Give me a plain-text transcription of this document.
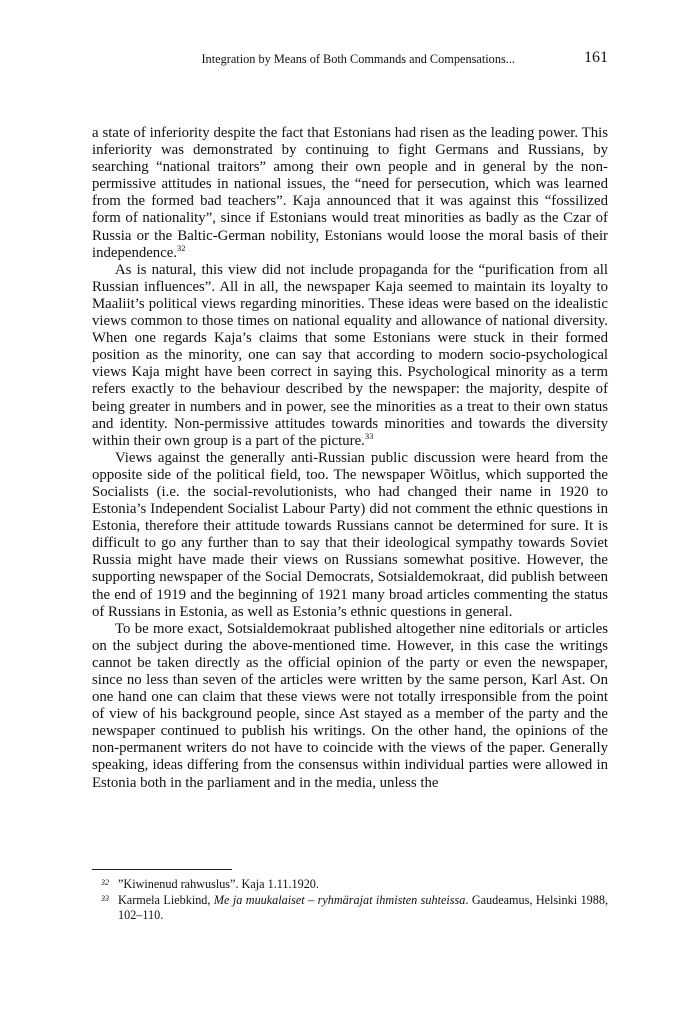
Integration by Means of Both Commands and Compensations...	161

a state of inferiority despite the fact that Estonians had risen as the leading power. This inferiority was demonstrated by continuing to fight Germans and Russians, by searching “national traitors” among their own people and in general by the non-permissive attitudes in national issues, the “need for persecution, which was learned from the formed bad teachers”. Kaja announced that it was against this “fossilized form of nationality”, since if Estonians would treat minorities as badly as the Czar of Russia or the Baltic-German nobility, Estonians would loose the moral basis of their independence.$^{32}$

As is natural, this view did not include propaganda for the “purification from all Russian influences”. All in all, the newspaper Kaja seemed to maintain its loyalty to Maaliit’s political views regarding minorities. These ideas were based on the idealistic views common to those times on national equality and allowance of national diversity. When one regards Kaja’s claims that some Estonians were stuck in their formed position as the minority, one can say that according to modern socio-psychological views Kaja might have been correct in saying this. Psychological minority as a term refers exactly to the behaviour described by the newspaper: the majority, despite of being greater in numbers and in power, see the minorities as a treat to their own status and identity. Non-permissive attitudes towards minorities and towards the diversity within their own group is a part of the picture.$^{33}$

Views against the generally anti-Russian public discussion were heard from the opposite side of the political field, too. The newspaper Wõitlus, which supported the Socialists (i.e. the social-revolutionists, who had changed their name in 1920 to Estonia’s Independent Socialist Labour Party) did not comment the ethnic questions in Estonia, therefore their attitude towards Russians cannot be determined for sure. It is difficult to go any further than to say that their ideological sympathy towards Soviet Russia might have made their views on Russians somewhat positive. However, the supporting newspaper of the Social Democrats, Sotsialdemokraat, did publish between the end of 1919 and the beginning of 1921 many broad articles commenting the status of Russians in Estonia, as well as Estonia’s ethnic questions in general.

To be more exact, Sotsialdemokraat published altogether nine editorials or articles on the subject during the above-mentioned time. However, in this case the writings cannot be taken directly as the official opinion of the party or even the newspaper, since no less than seven of the articles were written by the same person, Karl Ast. On one hand one can claim that these views were not totally irresponsible from the point of view of his background people, since Ast stayed as a member of the party and the newspaper continued to publish his writings. On the other hand, the opinions of the non-permanent writers do not have to coincide with the views of the paper. Generally speaking, ideas differing from the consensus within individual parties were allowed in Estonia both in the parliament and in the media, unless the

32 ”Kiwinenud rahwuslus”. Kaja 1.11.1920.
33 Karmela Liebkind, Me ja muukalaiset – ryhmärajat ihmisten suhteissa. Gaudeamus, Helsinki 1988, 102–110.
